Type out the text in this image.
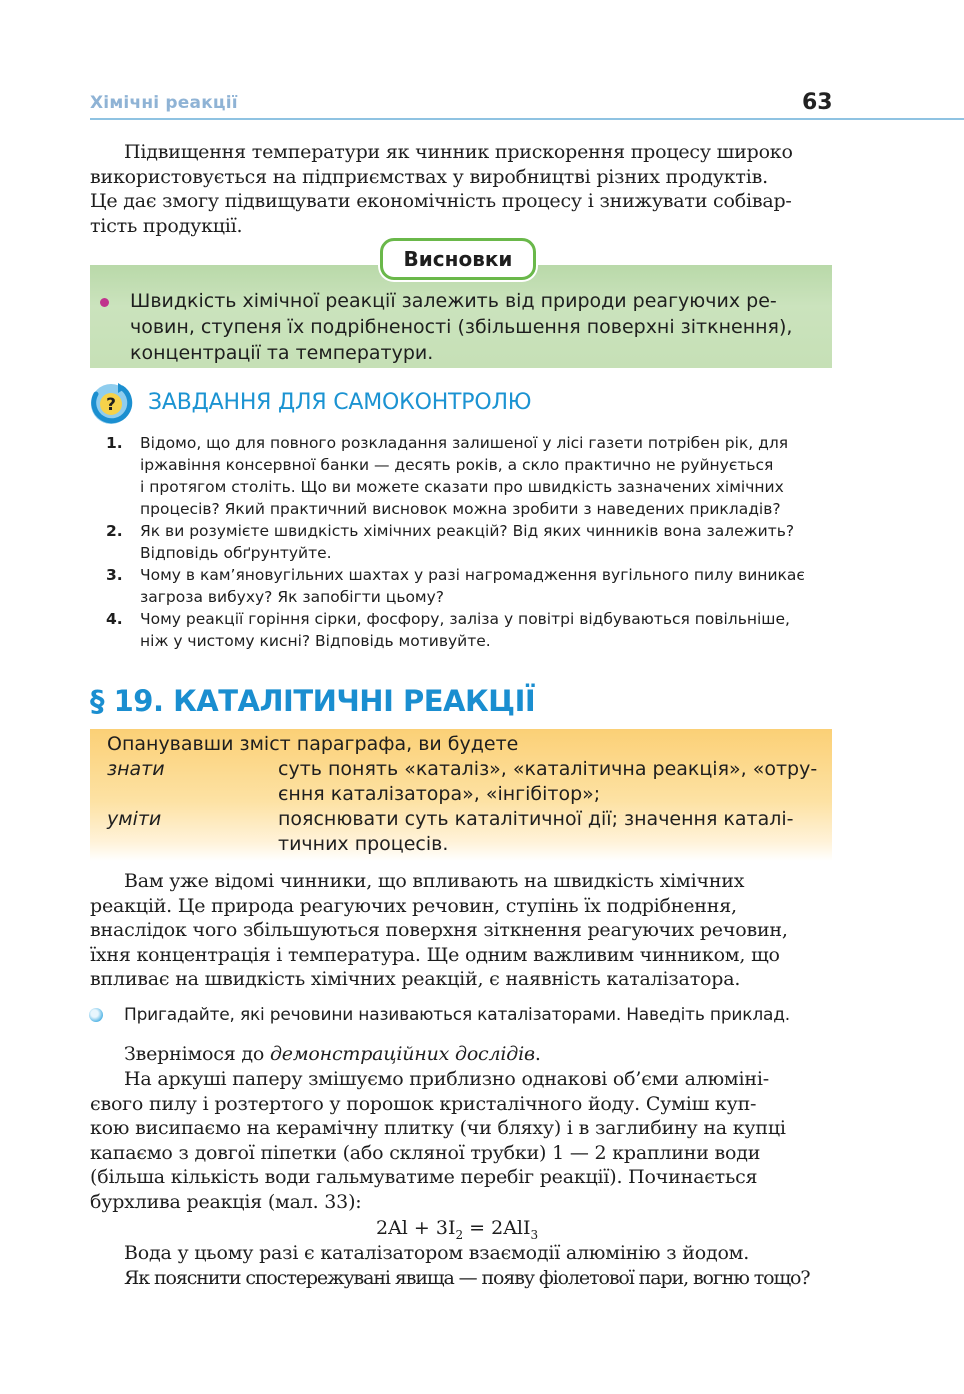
Хімічні реакції	63
Підвищення температури як чинник прискорення процесу широко
використовується на підприємствах у виробництві різних продуктів.
Це дає змогу підвищувати економічність процесу і знижувати собівар-
тість продукції.
Висновки
Швидкість хімічної реакції залежить від природи реагуючих ре-
човин, ступеня їх подрібненості (збільшення поверхні зіткнення),
концентрації та температури.
? ЗАВДАННЯ ДЛЯ САМОКОНТРОЛЮ
1. Відомо, що для повного розкладання залишеної у лісі газети потрібен рік, для
іржавіння консервної банки — десять років, а скло практично не руйнується
і протягом століть. Що ви можете сказати про швидкість зазначених хімічних
процесів? Який практичний висновок можна зробити з наведених прикладів?
2. Як ви розумієте швидкість хімічних реакцій? Від яких чинників вона залежить?
Відповідь обґрунтуйте.
3. Чому в кам’яновугільних шахтах у разі нагромадження вугільного пилу виникає
загроза вибуху? Як запобігти цьому?
4. Чому реакції горіння сірки, фосфору, заліза у повітрі відбуваються повільніше,
ніж у чистому кисні? Відповідь мотивуйте.
§ 19. КАТАЛІТИЧНІ РЕАКЦІЇ
Опанувавши зміст параграфа, ви будете
знати	суть понять «каталіз», «каталітична реакція», «отру-
єння каталізатора», «інгібітор»;
уміти	пояснювати суть каталітичної дії; значення каталі-
тичних процесів.
Вам уже відомі чинники, що впливають на швидкість хімічних
реакцій. Це природа реагуючих речовин, ступінь їх подрібнення,
внаслідок чого збільшуються поверхня зіткнення реагуючих речовин,
їхня концентрація і температура. Ще одним важливим чинником, що
впливає на швидкість хімічних реакцій, є наявність каталізатора.
Пригадайте, які речовини називаються каталізаторами. Наведіть приклад.
Звернімося до демонстраційних дослідів.
На аркуші паперу змішуємо приблизно однакові об’єми алюміні-
євого пилу і розтертого у порошок кристалічного йоду. Суміш куп-
кою висипаємо на керамічну плитку (чи бляху) і в заглибину на купці
капаємо з довгої піпетки (або скляної трубки) 1 — 2 краплини води
(більша кількість води гальмуватиме перебіг реакції). Починається
бурхлива реакція (мал. 33):
$2Al + 3I_2 = 2AlI_3$
Вода у цьому разі є каталізатором взаємодії алюмінію з йодом.
Як пояснити спостережувані явища — появу фіолетової пари, вогню тощо?
